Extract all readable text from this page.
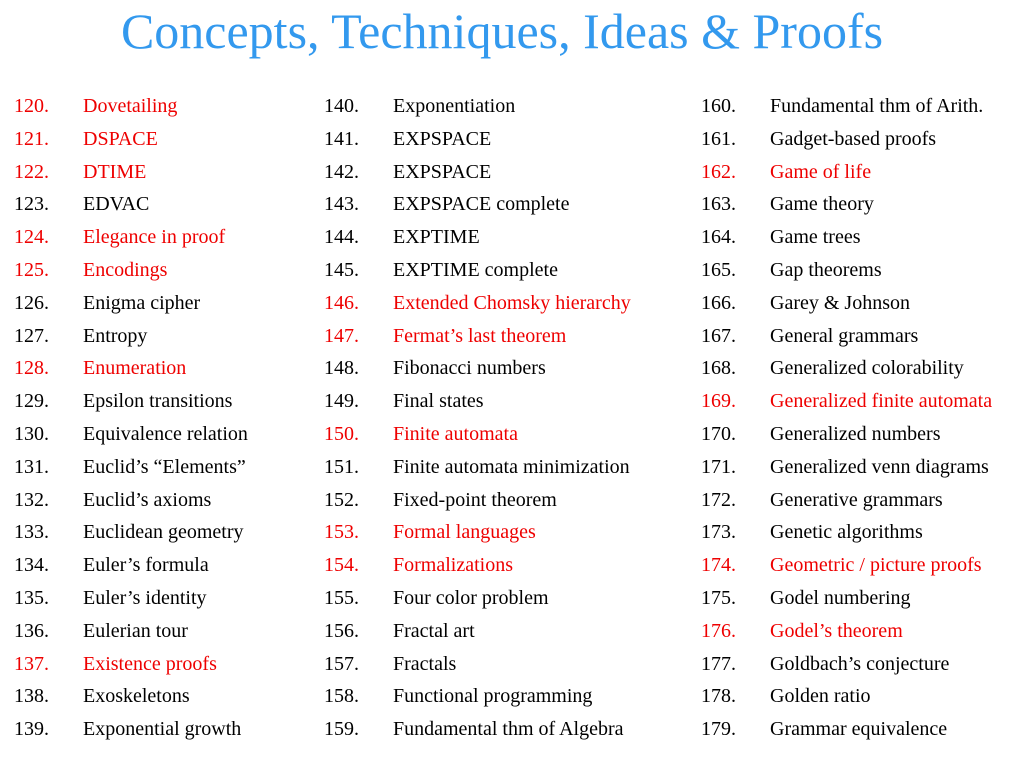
Concepts, Techniques, Ideas & Proofs
120.	Dovetailing
121.	DSPACE
122.	DTIME
123.	EDVAC
124.	Elegance in proof
125.	Encodings
126.	Enigma cipher
127.	Entropy
128.	Enumeration
129.	Epsilon transitions
130.	Equivalence relation
131.	Euclid’s “Elements”
132.	Euclid’s axioms
133.	Euclidean geometry
134.	Euler’s formula
135.	Euler’s identity
136.	Eulerian tour
137.	Existence proofs
138.	Exoskeletons
139.	Exponential growth
140.	Exponentiation
141.	EXPSPACE
142.	EXPSPACE
143.	EXPSPACE complete
144.	EXPTIME
145.	EXPTIME complete
146.	Extended Chomsky hierarchy
147.	Fermat’s last theorem
148.	Fibonacci numbers
149.	Final states
150.	Finite automata
151.	Finite automata minimization
152.	Fixed-point theorem
153.	Formal languages
154.	Formalizations
155.	Four color problem
156.	Fractal art
157.	Fractals
158.	Functional programming
159.	Fundamental thm of Algebra
160.	Fundamental thm of Arith.
161.	Gadget-based proofs
162.	Game of life
163.	Game theory
164.	Game trees
165.	Gap theorems
166.	Garey & Johnson
167.	General grammars
168.	Generalized colorability
169.	Generalized finite automata
170.	Generalized numbers
171.	Generalized venn diagrams
172.	Generative grammars
173.	Genetic algorithms
174.	Geometric / picture proofs
175.	Godel numbering
176.	Godel’s theorem
177.	Goldbach’s conjecture
178.	Golden ratio
179.	Grammar equivalence
